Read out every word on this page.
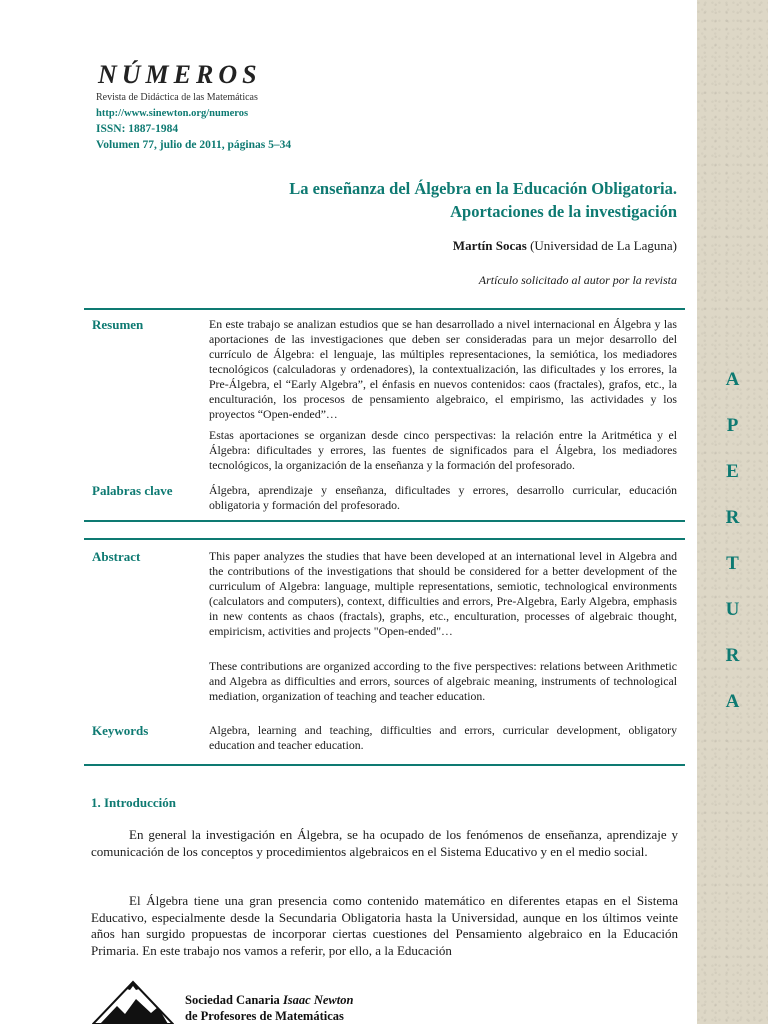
A
P
E
R
T
U
R
A
NÚMEROS
Revista de Didáctica de las Matemáticas
http://www.sinewton.org/numeros
ISSN: 1887-1984
Volumen 77, julio de 2011, páginas 5–34
La enseñanza del Álgebra en la Educación Obligatoria.
Aportaciones de la investigación
Martín Socas (Universidad de La Laguna)
Artículo solicitado al autor por la revista
Resumen	En este trabajo se analizan estudios que se han desarrollado a nivel internacional en Álgebra y las aportaciones de las investigaciones que deben ser consideradas para un mejor desarrollo del currículo de Álgebra: el lenguaje, las múltiples representaciones, la semiótica, los mediadores tecnológicos (calculadoras y ordenadores), la contextualización, las dificultades y los errores, la Pre-Álgebra, el “Early Algebra”, el énfasis en nuevos contenidos: caos (fractales), grafos, etc., la enculturación, los procesos de pensamiento algebraico, el empirismo, las actividades y los proyectos “Open-ended”…
Estas aportaciones se organizan desde cinco perspectivas: la relación entre la Aritmética y el Álgebra: dificultades y errores, las fuentes de significados para el Álgebra, los mediadores tecnológicos, la organización de la enseñanza y la formación del profesorado.
Palabras clave	Álgebra, aprendizaje y enseñanza, dificultades y errores, desarrollo curricular, educación obligatoria y formación del profesorado.
Abstract	This paper analyzes the studies that have been developed at an international level in Algebra and the contributions of the investigations that should be considered for a better development of the curriculum of Algebra: language, multiple representations, semiotic, technological environments (calculators and computers), context, difficulties and errors, Pre-Algebra, Early Algebra, emphasis in new contents as chaos (fractals), graphs, etc., enculturation, processes of algebraic thought, empiricism, activities and projects "Open-ended"…
These contributions are organized according to the five perspectives: relations between Arithmetic and Algebra as difficulties and errors, sources of algebraic meaning, instruments of technological mediation, organization of teaching and teacher education.
Keywords	Algebra, learning and teaching, difficulties and errors, curricular development, obligatory education and teacher education.
1. Introducción
En general la investigación en Álgebra, se ha ocupado de los fenómenos de enseñanza, aprendizaje y comunicación de los conceptos y procedimientos algebraicos en el Sistema Educativo y en el medio social.
El Álgebra tiene una gran presencia como contenido matemático en diferentes etapas en el Sistema Educativo, especialmente desde la Secundaria Obligatoria hasta la Universidad, aunque en los últimos veinte años han surgido propuestas de incorporar ciertas cuestiones del Pensamiento algebraico en la Educación Primaria. En este trabajo nos vamos a referir, por ello, a la Educación
Sociedad Canaria Isaac Newton
de Profesores de Matemáticas
